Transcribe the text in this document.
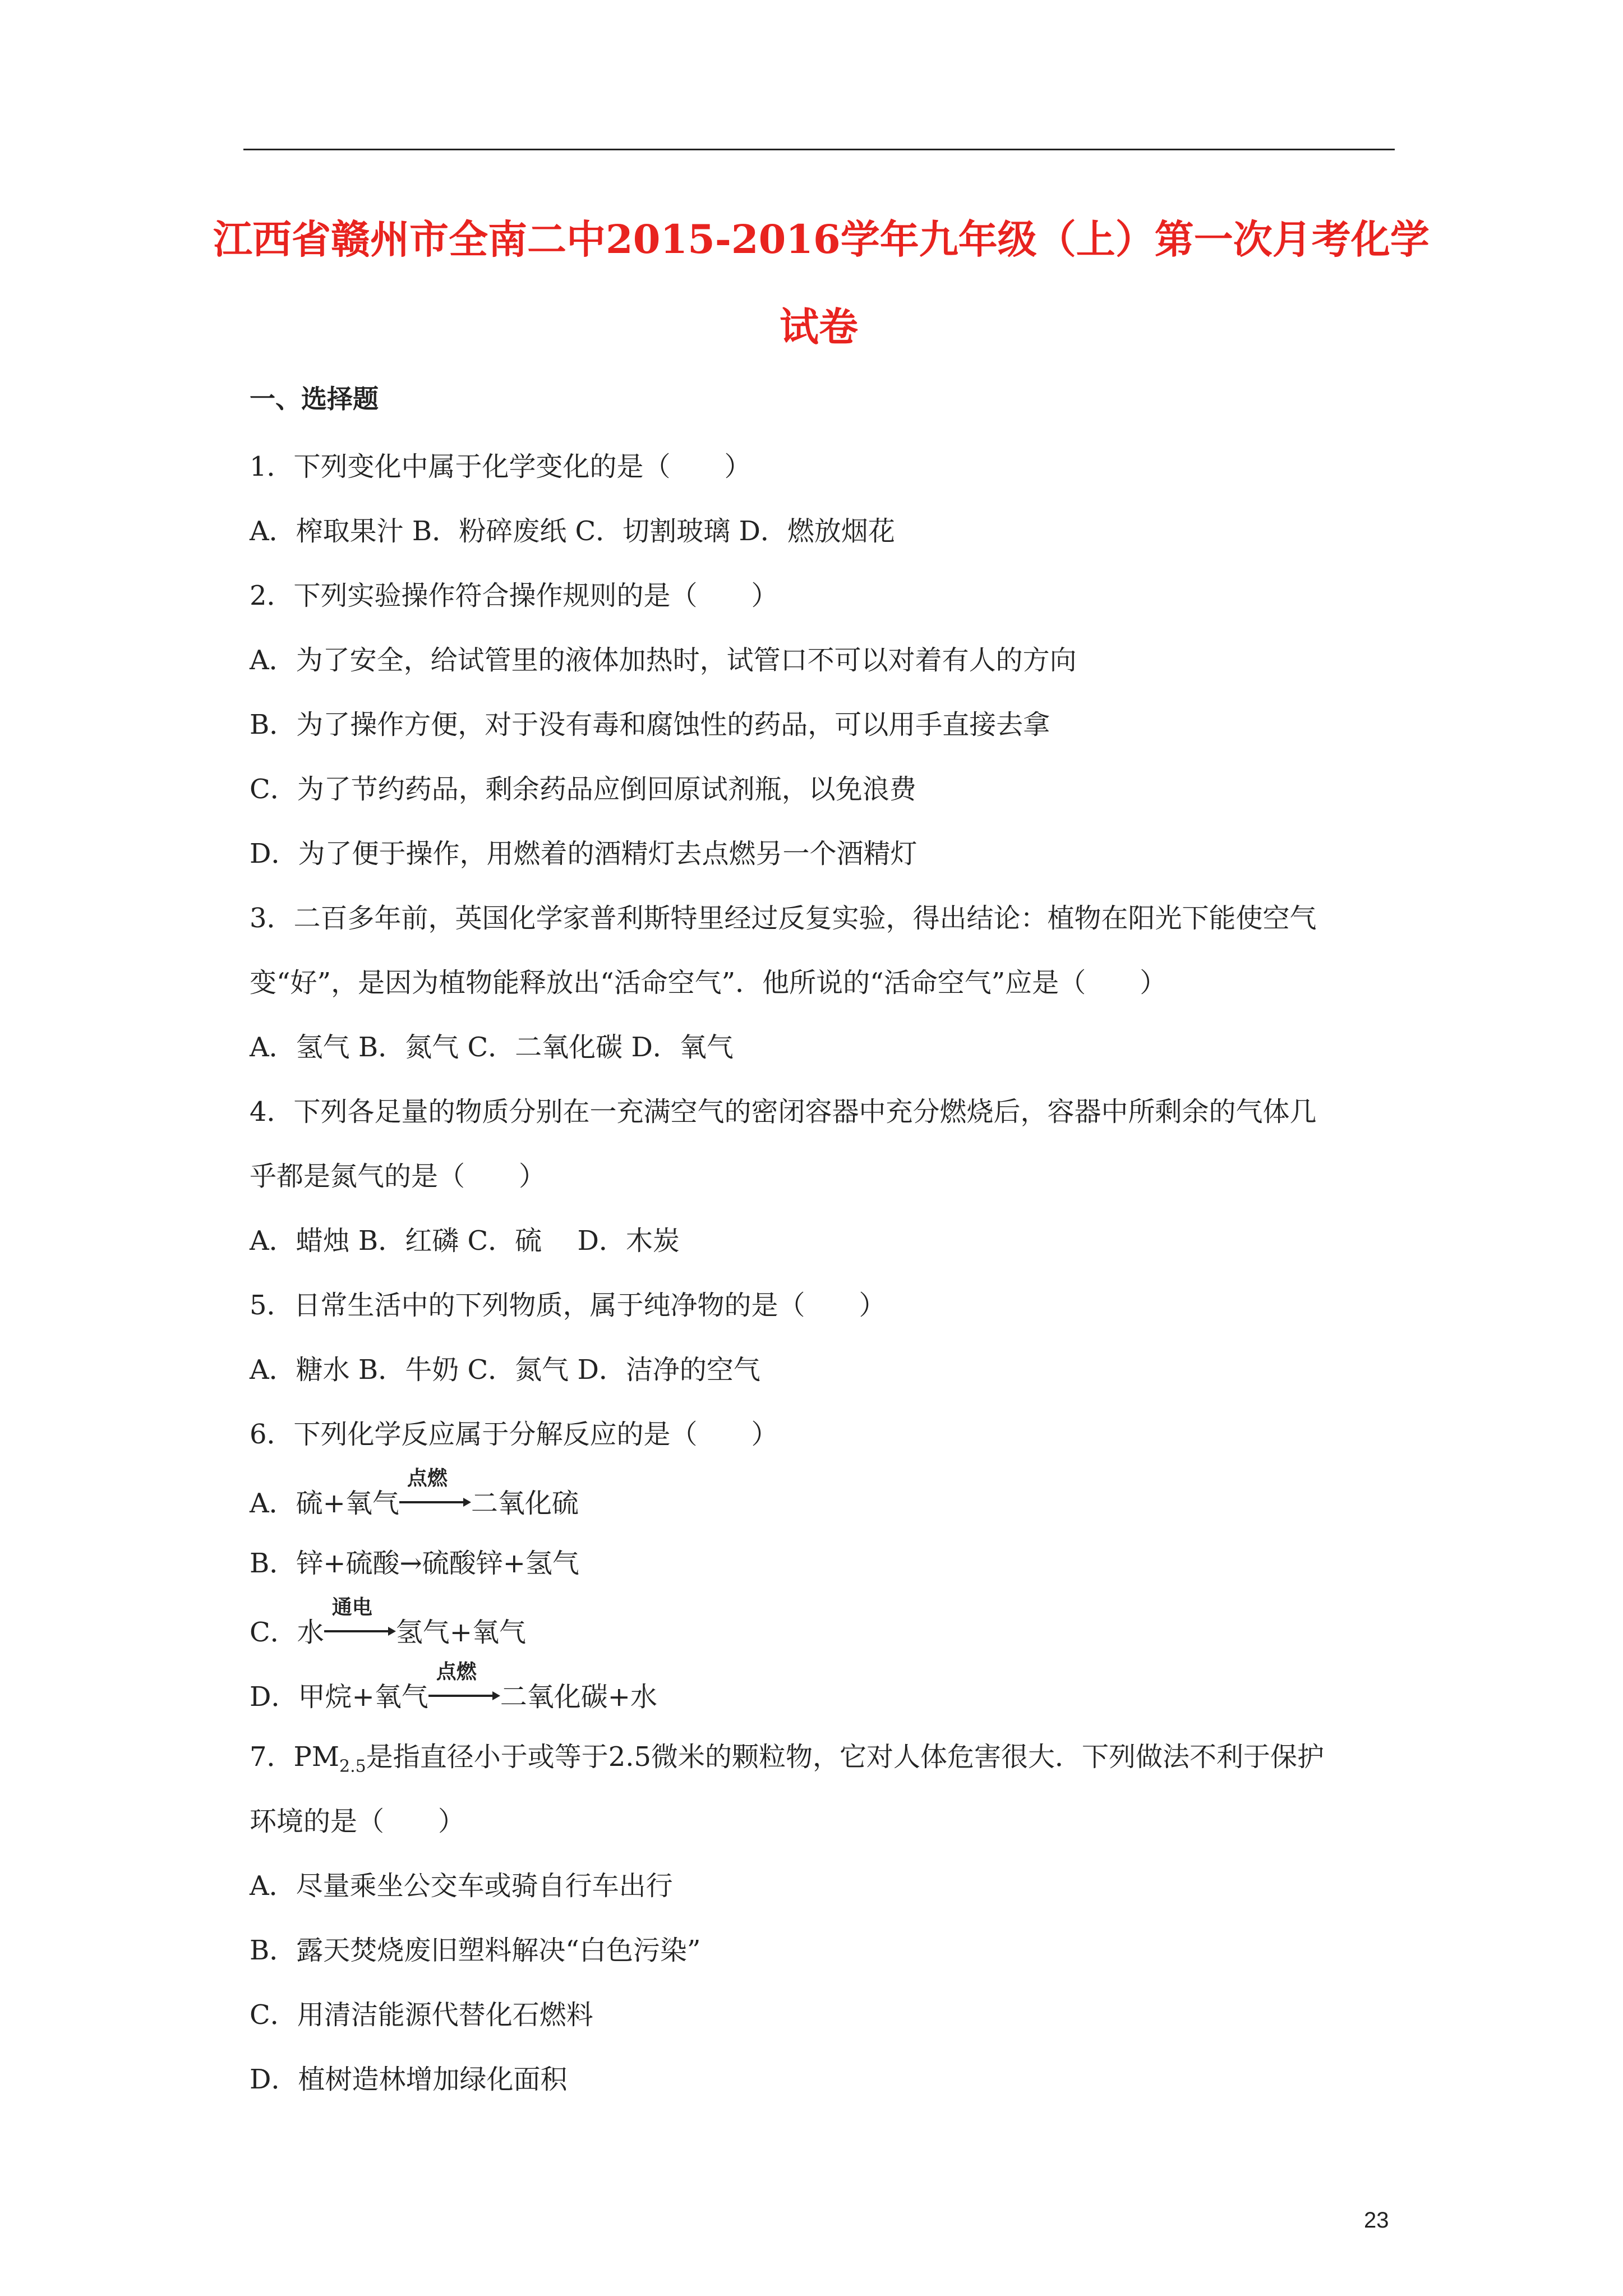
江西省赣州市全南二中2015-2016学年九年级（上）第一次月考化学
试卷
一、选择题
1．下列变化中属于化学变化的是（　　）
A．榨取果汁 B．粉碎废纸 C．切割玻璃 D．燃放烟花
2．下列实验操作符合操作规则的是（　　）
A．为了安全，给试管里的液体加热时，试管口不可以对着有人的方向
B．为了操作方便，对于没有毒和腐蚀性的药品，可以用手直接去拿
C．为了节约药品，剩余药品应倒回原试剂瓶，以免浪费
D．为了便于操作，用燃着的酒精灯去点燃另一个酒精灯
3．二百多年前，英国化学家普利斯特里经过反复实验，得出结论：植物在阳光下能使空气
变“好”，是因为植物能释放出“活命空气”．他所说的“活命空气”应是（　　）
A．氢气 B．氮气 C．二氧化碳 D．氧气
4．下列各足量的物质分别在一充满空气的密闭容器中充分燃烧后，容器中所剩余的气体几
乎都是氮气的是（　　）
A．蜡烛 B．红磷 C．硫　 D．木炭
5．日常生活中的下列物质，属于纯净物的是（　　）
A．糖水 B．牛奶 C．氮气 D．洁净的空气
6．下列化学反应属于分解反应的是（　　）
A．硫+氧气
点燃
二氧化硫
B．锌+硫酸→硫酸锌+氢气
C．水
通电
氢气+氧气
D．甲烷+氧气
点燃
二氧化碳+水
7．$PM_{2.5}$是指直径小于或等于2.5微米的颗粒物，它对人体危害很大．下列做法不利于保护
环境的是（　　）
A．尽量乘坐公交车或骑自行车出行
B．露天焚烧废旧塑料解决“白色污染”
C．用清洁能源代替化石燃料
D．植树造林增加绿化面积
23
